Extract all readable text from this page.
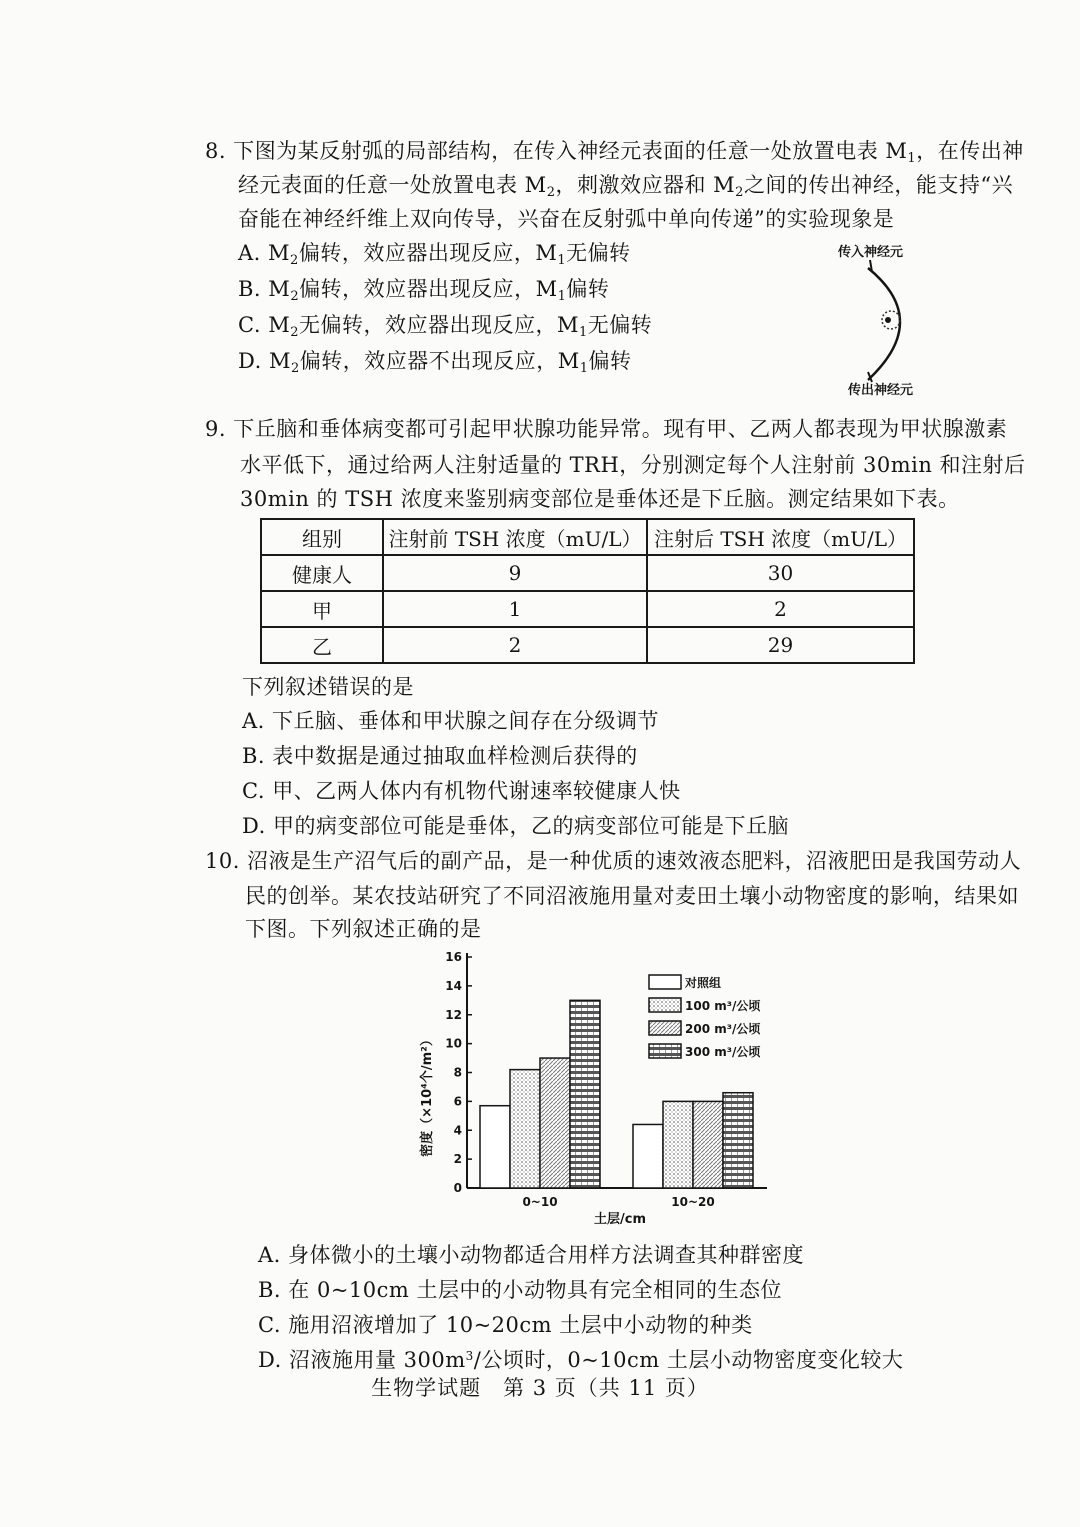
8. 下图为某反射弧的局部结构，在传入神经元表面的任意一处放置电表 $M_1$，在传出神
经元表面的任意一处放置电表 $M_2$，刺激效应器和 $M_2$之间的传出神经，能支持“兴
奋能在神经纤维上双向传导，兴奋在反射弧中单向传递”的实验现象是
A. $M_2$偏转，效应器出现反应，$M_1$无偏转
B. $M_2$偏转，效应器出现反应，$M_1$偏转
C. $M_2$无偏转，效应器出现反应，$M_1$无偏转
D. $M_2$偏转，效应器不出现反应，$M_1$偏转
传入神经元
传出神经元
9. 下丘脑和垂体病变都可引起甲状腺功能异常。现有甲、乙两人都表现为甲状腺激素
水平低下，通过给两人注射适量的 TRH，分别测定每个人注射前 30min 和注射后
30min 的 TSH 浓度来鉴别病变部位是垂体还是下丘脑。测定结果如下表。
组别	注射前 TSH 浓度（mU/L）	注射后 TSH 浓度（mU/L）
健康人	9	30
甲	1	2
乙	2	29
下列叙述错误的是
A. 下丘脑、垂体和甲状腺之间存在分级调节
B. 表中数据是通过抽取血样检测后获得的
C. 甲、乙两人体内有机物代谢速率较健康人快
D. 甲的病变部位可能是垂体，乙的病变部位可能是下丘脑
10. 沼液是生产沼气后的副产品，是一种优质的速效液态肥料，沼液肥田是我国劳动人
民的创举。某农技站研究了不同沼液施用量对麦田土壤小动物密度的影响，结果如
下图。下列叙述正确的是
0
2
4
6
8
10
12
14
16
0~10	10~20
对照组
100 m³/公顷
200 m³/公顷
300 m³/公顷
密度（×10⁴个/m²）
土层/cm
A. 身体微小的土壤小动物都适合用样方法调查其种群密度
B. 在 0~10cm 土层中的小动物具有完全相同的生态位
C. 施用沼液增加了 10~20cm 土层中小动物的种类
D. 沼液施用量 $300m^3/$公顷时，0~10cm 土层小动物密度变化较大
生物学试题　第 3 页（共 11 页）
